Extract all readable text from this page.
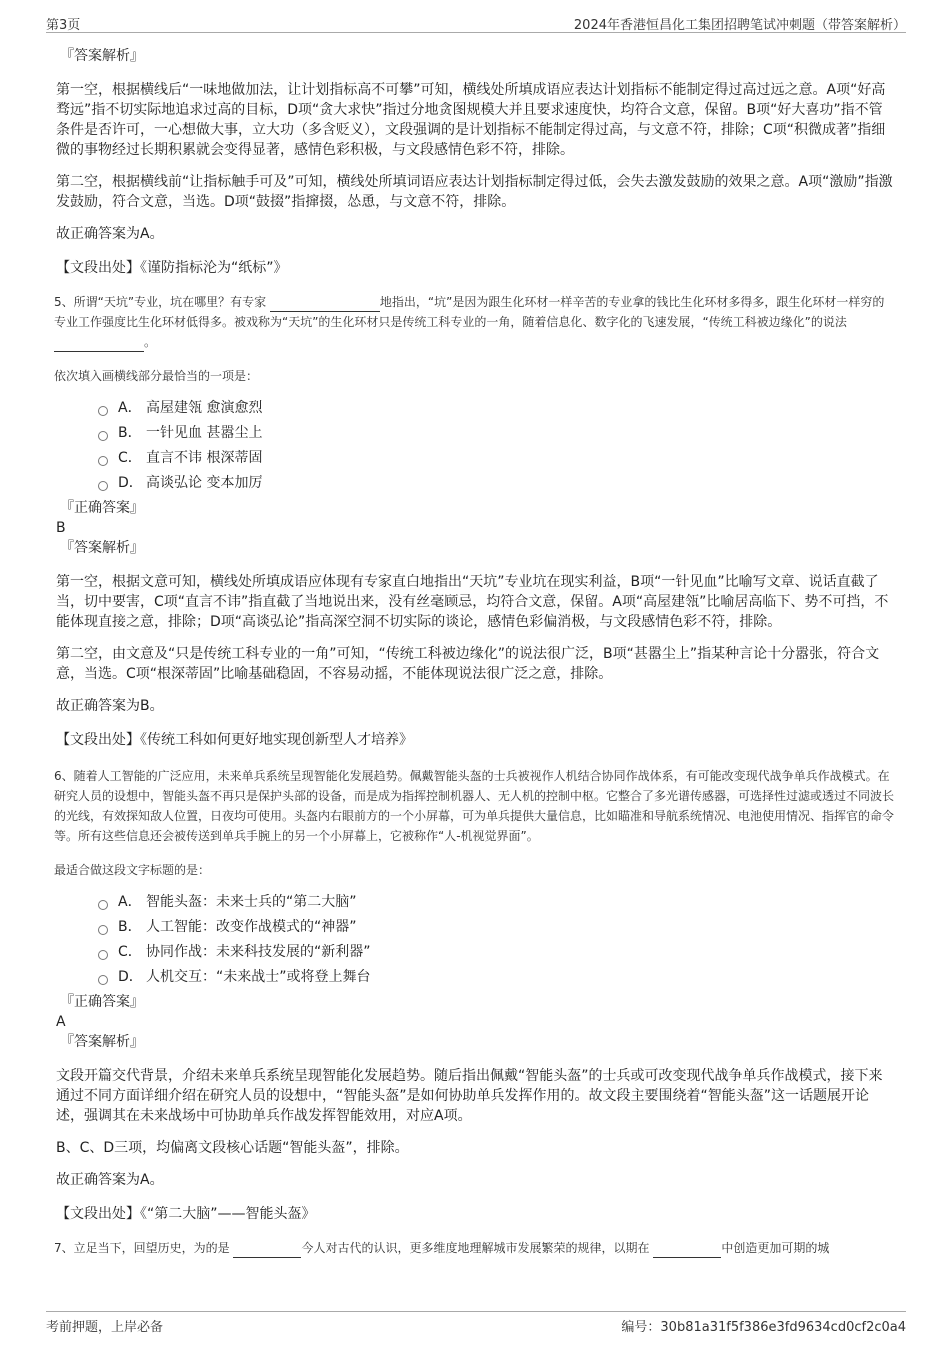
第3页	2024年香港恒昌化工集团招聘笔试冲刺题（带答案解析）

『答案解析』

第一空，根据横线后“一味地做加法，让计划指标高不可攀”可知，横线处所填成语应表达计划指标不能制定得过高过远之意。A项“好高骛远”指不切实际地追求过高的目标，D项“贪大求快”指过分地贪图规模大并且要求速度快，均符合文意，保留。B项“好大喜功”指不管条件是否许可，一心想做大事，立大功（多含贬义），文段强调的是计划指标不能制定得过高，与文意不符，排除；C项“积微成著”指细微的事物经过长期积累就会变得显著，感情色彩积极，与文段感情色彩不符，排除。

第二空，根据横线前“让指标触手可及”可知，横线处所填词语应表达计划指标制定得过低，会失去激发鼓励的效果之意。A项“激励”指激发鼓励，符合文意，当选。D项“鼓掇”指撺掇，怂恿，与文意不符，排除。

故正确答案为A。

【文段出处】《谨防指标沦为“纸标”》

5、所谓“天坑”专业，坑在哪里？有专家	地指出，“坑”是因为跟生化环材一样辛苦的专业拿的钱比生化环材多得多，跟生化环材一样穷的专业工作强度比生化环材低得多。被戏称为“天坑”的生化环材只是传统工科专业的一角，随着信息化、数字化的飞速发展，“传统工科被边缘化”的说法 。

依次填入画横线部分最恰当的一项是：

A． 高屋建瓴 愈演愈烈
B． 一针见血 甚嚣尘上
C． 直言不讳 根深蒂固
D． 高谈弘论 变本加厉

『正确答案』

B

『答案解析』

第一空，根据文意可知，横线处所填成语应体现有专家直白地指出“天坑”专业坑在现实利益，B项“一针见血”比喻写文章、说话直截了当，切中要害，C项“直言不讳”指直截了当地说出来，没有丝毫顾忌，均符合文意，保留。A项“高屋建瓴”比喻居高临下、势不可挡，不能体现直接之意，排除；D项“高谈弘论”指高深空洞不切实际的谈论，感情色彩偏消极，与文段感情色彩不符，排除。

第二空，由文意及“只是传统工科专业的一角”可知，“传统工科被边缘化”的说法很广泛，B项“甚嚣尘上”指某种言论十分嚣张，符合文意，当选。C项“根深蒂固”比喻基础稳固，不容易动摇，不能体现说法很广泛之意，排除。

故正确答案为B。

【文段出处】《传统工科如何更好地实现创新型人才培养》

6、随着人工智能的广泛应用，未来单兵系统呈现智能化发展趋势。佩戴智能头盔的士兵被视作人机结合协同作战体系，有可能改变现代战争单兵作战模式。在研究人员的设想中，智能头盔不再只是保护头部的设备，而是成为指挥控制机器人、无人机的控制中枢。它整合了多光谱传感器，可选择性过滤或透过不同波长的光线，有效探知敌人位置，日夜均可使用。头盔内右眼前方的一个小屏幕，可为单兵提供大量信息，比如瞄准和导航系统情况、电池使用情况、指挥官的命令等。所有这些信息还会被传送到单兵手腕上的另一个小屏幕上，它被称作“人-机视觉界面”。

最适合做这段文字标题的是：

A． 智能头盔：未来士兵的“第二大脑”
B． 人工智能：改变作战模式的“神器”
C． 协同作战：未来科技发展的“新利器”
D． 人机交互：“未来战士”或将登上舞台

『正确答案』

A

『答案解析』

文段开篇交代背景，介绍未来单兵系统呈现智能化发展趋势。随后指出佩戴“智能头盔”的士兵或可改变现代战争单兵作战模式，接下来通过不同方面详细介绍在研究人员的设想中，“智能头盔”是如何协助单兵发挥作用的。故文段主要围绕着“智能头盔”这一话题展开论述，强调其在未来战场中可协助单兵作战发挥智能效用，对应A项。

B、C、D三项，均偏离文段核心话题“智能头盔”，排除。

故正确答案为A。

【文段出处】《“第二大脑”——智能头盔》

7、立足当下，回望历史，为的是	今人对古代的认识，更多维度地理解城市发展繁荣的规律，以期在	中创造更加可期的城

考前押题，上岸必备	编号：30b81a31f5f386e3fd9634cd0cf2c0a4
